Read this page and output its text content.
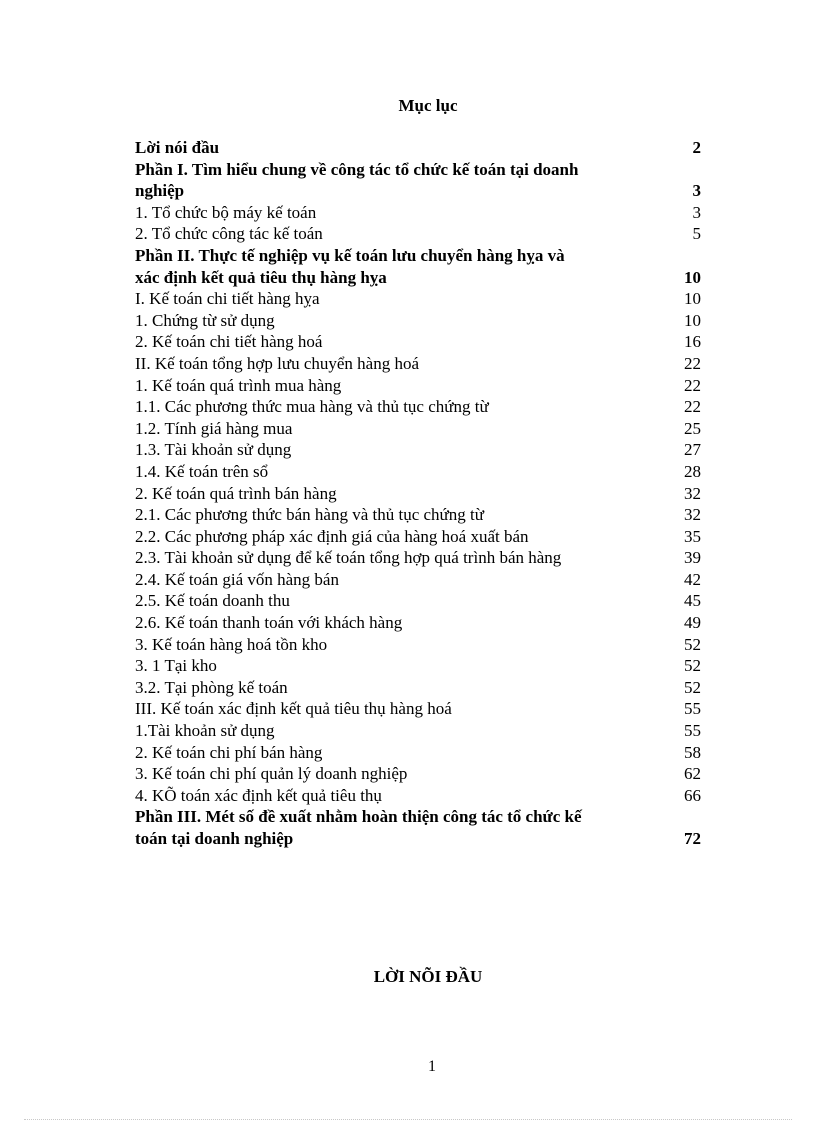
Mục lục
Lời nói đầu	2
Phần I. Tìm hiểu chung về công tác tổ chức kế toán tại doanh
nghiệp	3
1. Tổ chức bộ máy kế toán	3
2. Tổ chức công tác kế toán	5
Phần II. Thực tế nghiệp vụ kế toán lưu chuyển hàng hỵa và
xác định kết quả tiêu thụ hàng hỵa	10
I. Kế toán chi tiết hàng hỵa	10
1. Chứng từ sử dụng	10
2. Kế toán chi tiết hàng hoá	16
II. Kế toán tổng hợp lưu chuyển hàng hoá	22
1. Kế toán quá trình mua hàng	22
1.1. Các phương thức mua hàng và thủ tục chứng từ	22
1.2. Tính giá hàng mua	25
1.3. Tài khoản sử dụng	27
1.4. Kế toán trên sổ	28
2. Kế toán quá trình bán hàng	32
2.1. Các phương thức bán hàng và thủ tục chứng từ	32
2.2. Các phương pháp xác định giá của hàng hoá xuất bán	35
2.3. Tài khoản sử dụng để kế toán tổng hợp quá trình bán hàng	39
2.4. Kế toán giá vốn hàng bán	42
2.5. Kế toán doanh thu	45
2.6. Kế toán thanh toán với khách hàng	49
3. Kế toán hàng hoá tồn kho	52
3. 1 Tại kho	52
3.2. Tại phòng kế toán	52
III. Kế toán xác định kết quả tiêu thụ hàng hoá	55
1.Tài khoản sử dụng	55
2. Kế toán chi phí bán hàng	58
3. Kế toán chi phí quản lý doanh nghiệp	62
4. KÕ toán xác định kết quả tiêu thụ	66
Phần III. Mét số đề xuất nhằm hoàn thiện công tác tổ chức kế
toán tại doanh nghiệp	72
LỜI NÕI ĐẦU
1
